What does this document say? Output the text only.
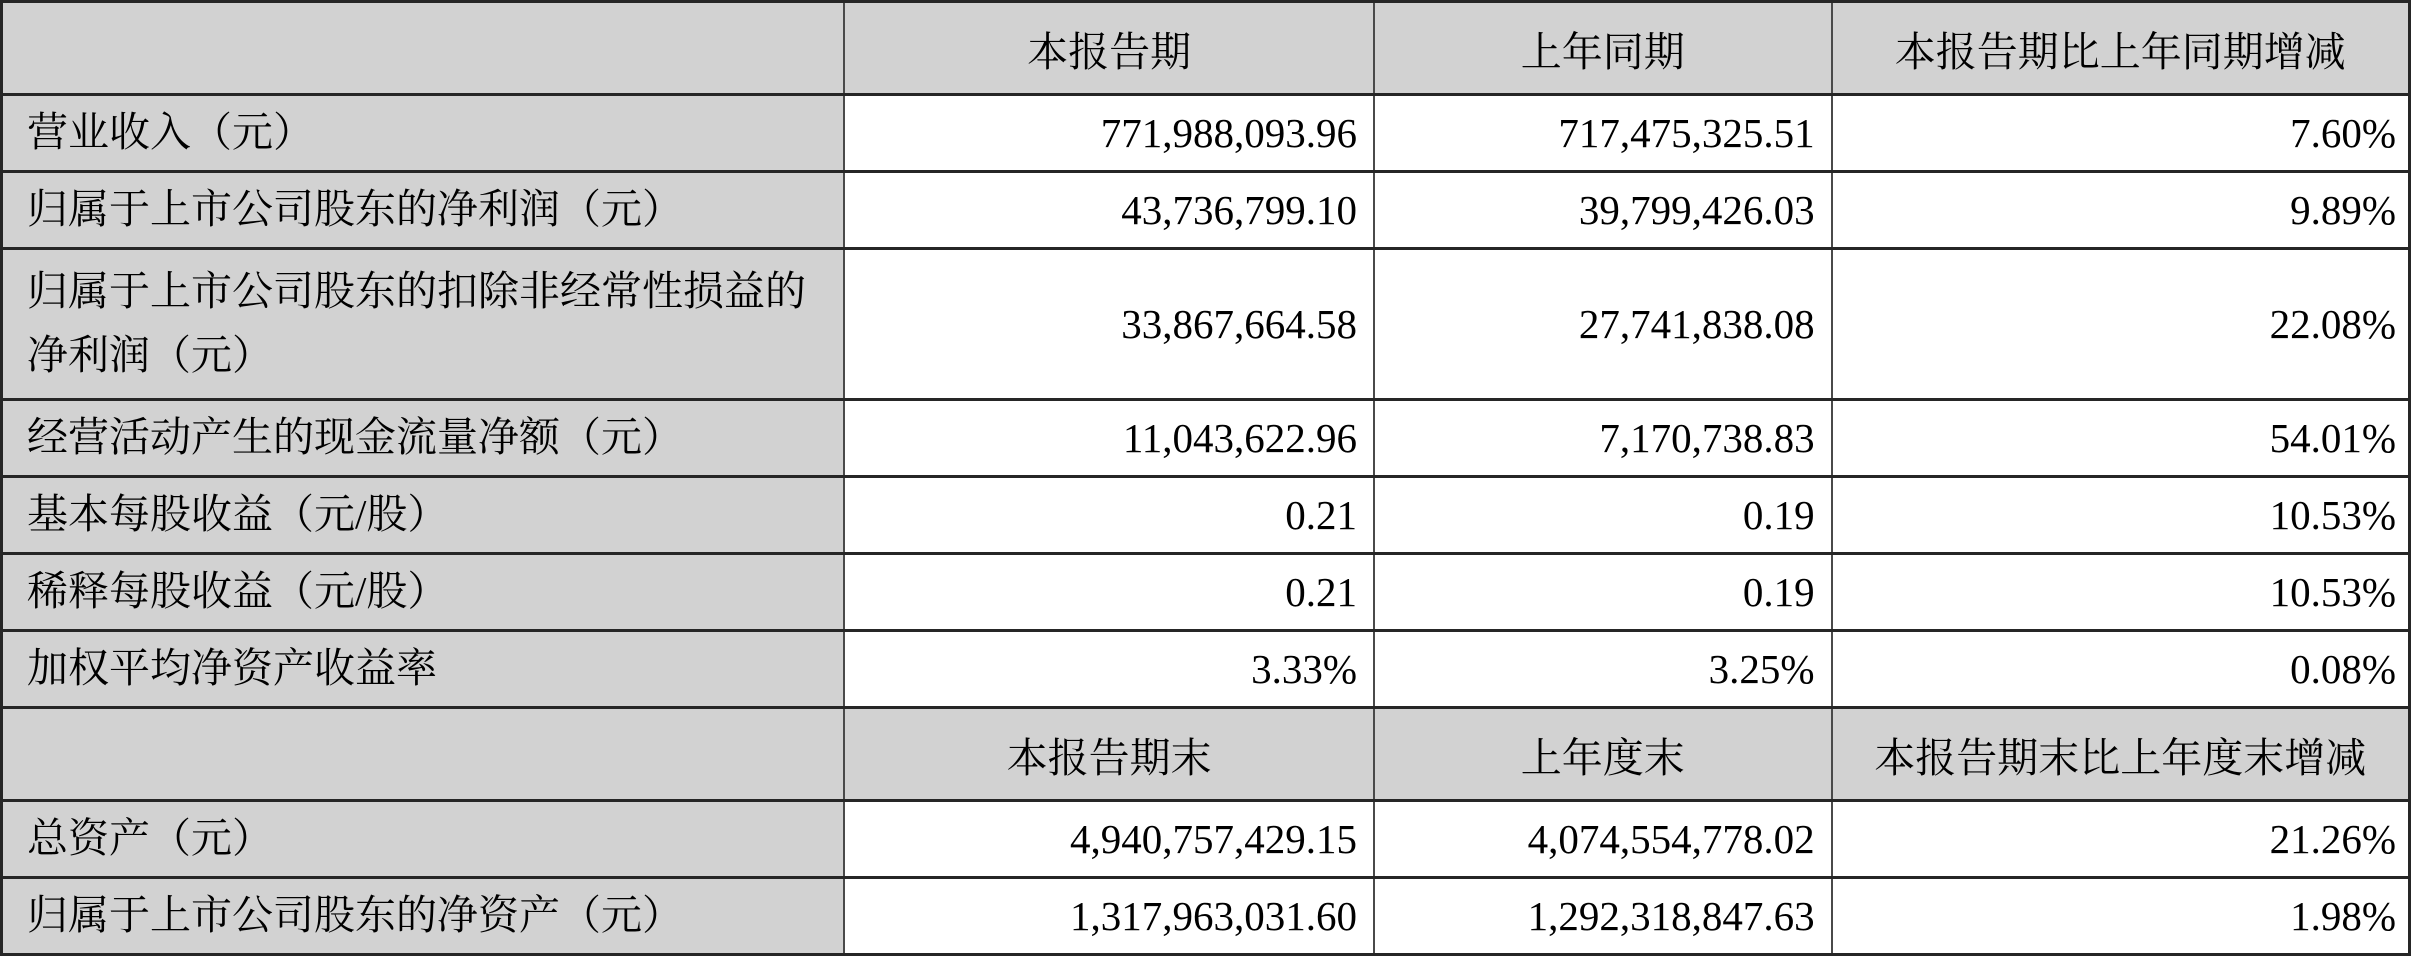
	本报告期	上年同期	本报告期比上年同期增减
营业收入（元）	771,988,093.96	717,475,325.51	7.60%
归属于上市公司股东的净利润（元）	43,736,799.10	39,799,426.03	9.89%
归属于上市公司股东的扣除非经常性损益的净利润（元）	33,867,664.58	27,741,838.08	22.08%
经营活动产生的现金流量净额（元）	11,043,622.96	7,170,738.83	54.01%
基本每股收益（元/股）	0.21	0.19	10.53%
稀释每股收益（元/股）	0.21	0.19	10.53%
加权平均净资产收益率	3.33%	3.25%	0.08%
	本报告期末	上年度末	本报告期末比上年度末增减
总资产（元）	4,940,757,429.15	4,074,554,778.02	21.26%
归属于上市公司股东的净资产（元）	1,317,963,031.60	1,292,318,847.63	1.98%
